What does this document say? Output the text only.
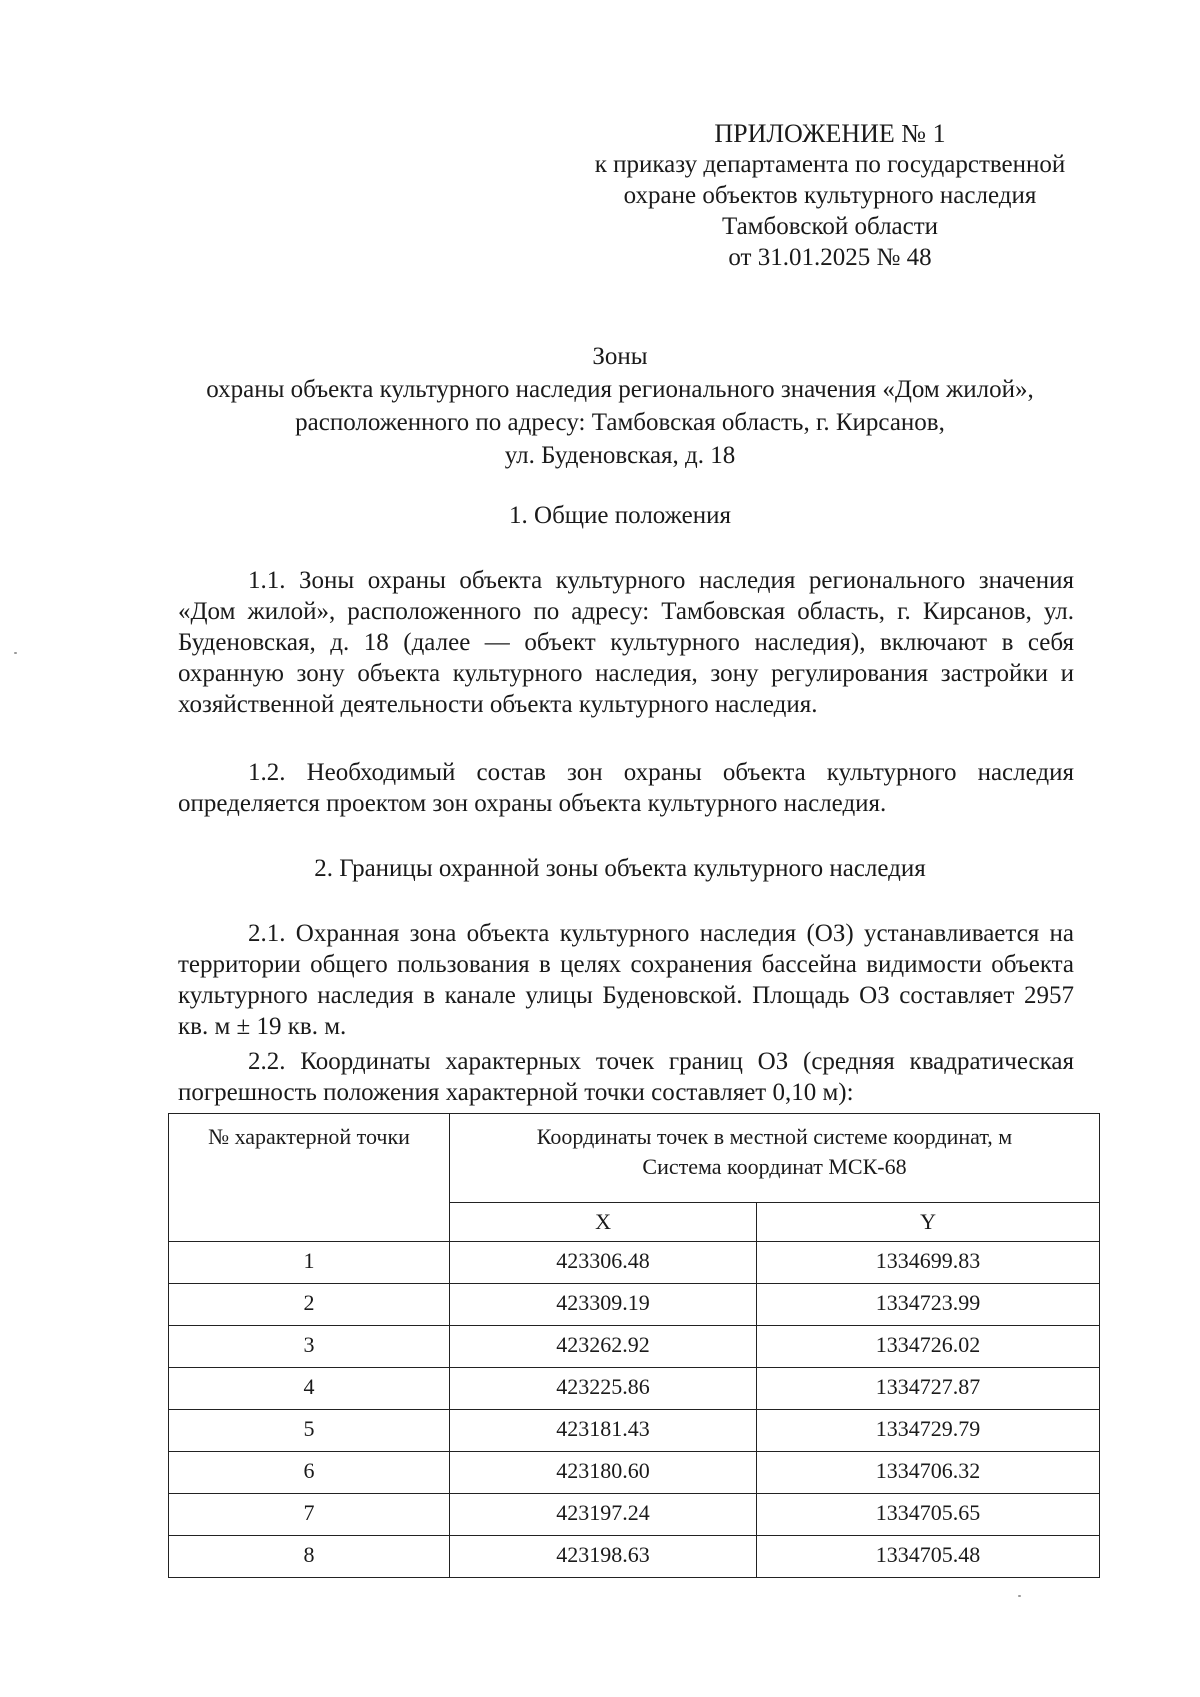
ПРИЛОЖЕНИЕ № 1
к приказу департамента по государственной
охране объектов культурного наследия
Тамбовской области
от 31.01.2025 № 48
Зоны
охраны объекта культурного наследия регионального значения «Дом жилой»,
расположенного по адресу: Тамбовская область, г. Кирсанов,
ул. Буденовская, д. 18
1. Общие положения
1.1. Зоны охраны объекта культурного наследия регионального значения «Дом жилой», расположенного по адресу: Тамбовская область, г. Кирсанов, ул. Буденовская, д. 18 (далее — объект культурного наследия), включают в себя охранную зону объекта культурного наследия, зону регулирования застройки и хозяйственной деятельности объекта культурного наследия.
1.2. Необходимый состав зон охраны объекта культурного наследия определяется проектом зон охраны объекта культурного наследия.
2. Границы охранной зоны объекта культурного наследия
2.1. Охранная зона объекта культурного наследия (ОЗ) устанавливается на территории общего пользования в целях сохранения бассейна видимости объекта культурного наследия в канале улицы Буденовской. Площадь ОЗ составляет 2957 кв. м ± 19 кв. м.
2.2. Координаты характерных точек границ ОЗ (средняя квадратическая погрешность положения характерной точки составляет 0,10 м):
№ характерной точки	Координаты точек в местной системе координат, м
Система координат МСК-68	

	X	Y
1	423306.48	1334699.83
2	423309.19	1334723.99
3	423262.92	1334726.02
4	423225.86	1334727.87
5	423181.43	1334729.79
6	423180.60	1334706.32
7	423197.24	1334705.65
8	423198.63	1334705.48
